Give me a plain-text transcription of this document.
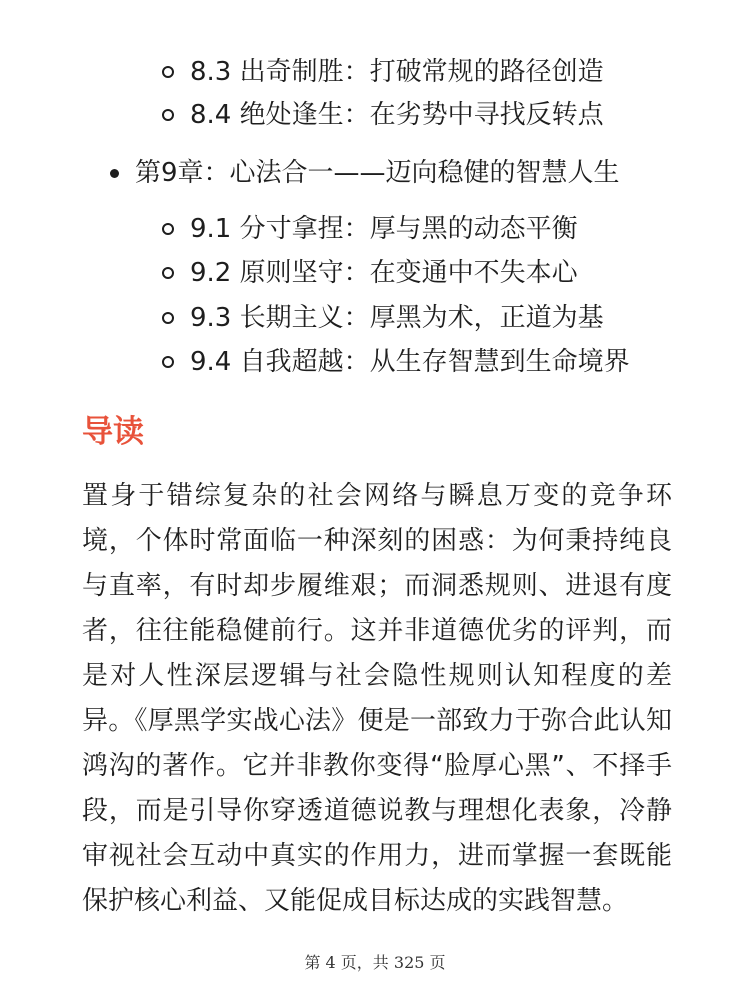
8.3 出奇制胜：打破常规的路径创造
8.4 绝处逢生：在劣势中寻找反转点
第9章：心法合一——迈向稳健的智慧人生
9.1 分寸拿捏：厚与黑的动态平衡
9.2 原则坚守：在变通中不失本心
9.3 长期主义：厚黑为术，正道为基
9.4 自我超越：从生存智慧到生命境界
导读

置身于错综复杂的社会网络与瞬息万变的竞争环境，个体时常面临一种深刻的困惑：为何秉持纯良与直率，有时却步履维艰；而洞悉规则、进退有度者，往往能稳健前行。这并非道德优劣的评判，而是对人性深层逻辑与社会隐性规则认知程度的差异。《厚黑学实战心法》便是一部致力于弥合此认知鸿沟的著作。它并非教你变得“脸厚心黑”、不择手段，而是引导你穿透道德说教与理想化表象，冷静审视社会互动中真实的作用力，进而掌握一套既能保护核心利益、又能促成目标达成的实践智慧。

第 4 页，共 325 页
